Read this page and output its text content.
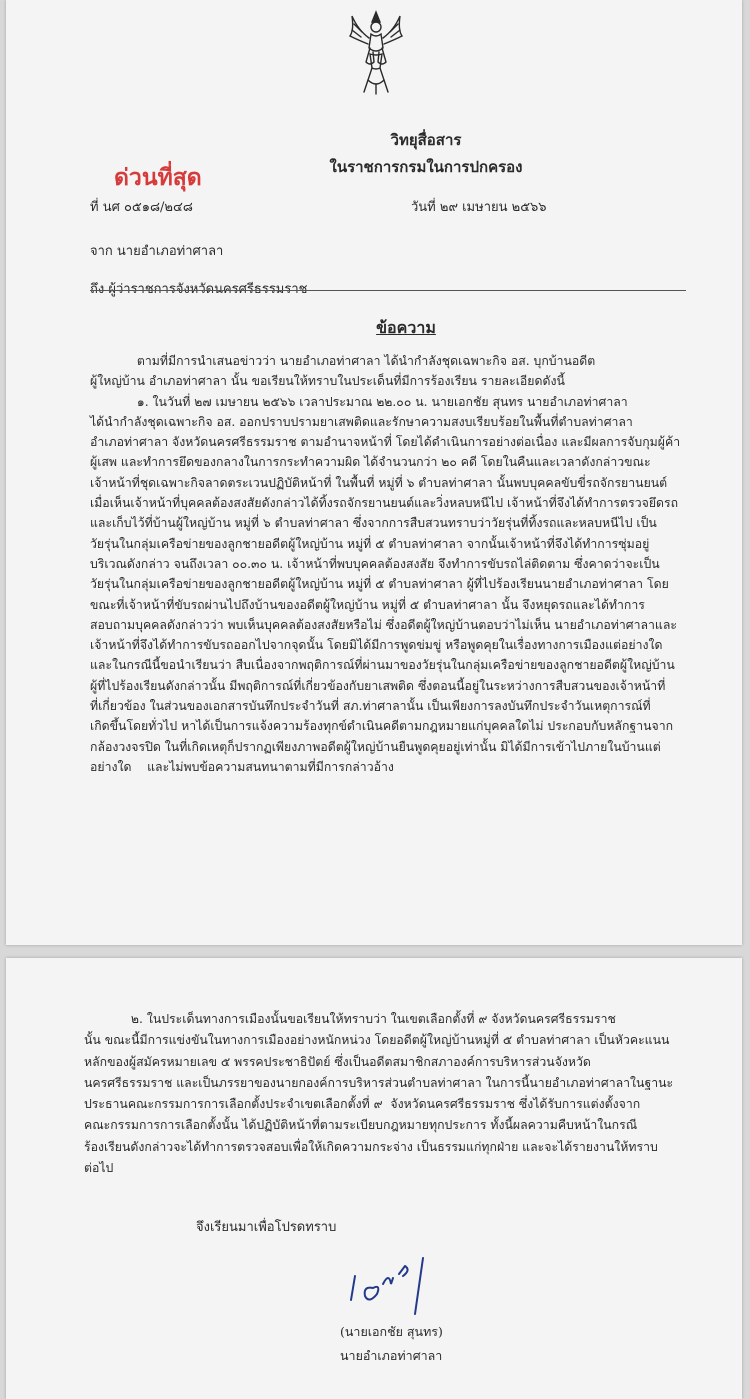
วิทยุสื่อสาร
ในราชการกรมในการปกครอง
ด่วนที่สุด
ที่ นศ ๐๕๑๘/๒๔๘	วันที่ ๒๙ เมษายน ๒๕๖๖
จาก นายอำเภอท่าศาลา
ถึง ผู้ว่าราชการจังหวัดนครศรีธรรมราช
ข้อความ
ตามที่มีการนำเสนอข่าวว่า นายอำเภอท่าศาลา ได้นำกำลังชุดเฉพาะกิจ อส. บุกบ้านอดีต
ผู้ใหญ่บ้าน อำเภอท่าศาลา นั้น ขอเรียนให้ทราบในประเด็นที่มีการร้องเรียน รายละเอียดดังนี้
๑. ในวันที่ ๒๗ เมษายน ๒๕๖๖ เวลาประมาณ ๒๒.๐๐ น. นายเอกชัย สุนทร นายอำเภอท่าศาลา
ได้นำกำลังชุดเฉพาะกิจ อส. ออกปราบปรามยาเสพติดและรักษาความสงบเรียบร้อยในพื้นที่ตำบลท่าศาลา
อำเภอท่าศาลา จังหวัดนครศรีธรรมราช ตามอำนาจหน้าที่ โดยได้ดำเนินการอย่างต่อเนื่อง และมีผลการจับกุมผู้ค้า
ผู้เสพ และทำการยึดของกลางในการกระทำความผิด ได้จำนวนกว่า ๒๐ คดี โดยในคืนและเวลาดังกล่าวขณะ
เจ้าหน้าที่ชุดเฉพาะกิจลาดตระเวนปฏิบัติหน้าที่ ในพื้นที่ หมู่ที่ ๖ ตำบลท่าศาลา นั้นพบบุคคลขับขี่รถจักรยานยนต์
เมื่อเห็นเจ้าหน้าที่บุคคลต้องสงสัยดังกล่าวได้ทิ้งรถจักรยานยนต์และวิ่งหลบหนีไป เจ้าหน้าที่จึงได้ทำการตรวจยึดรถ
และเก็บไว้ที่บ้านผู้ใหญ่บ้าน หมู่ที่ ๖ ตำบลท่าศาลา ซึ่งจากการสืบสวนทราบว่าวัยรุ่นที่ทิ้งรถและหลบหนีไป เป็น
วัยรุ่นในกลุ่มเครือข่ายของลูกชายอดีตผู้ใหญ่บ้าน หมู่ที่ ๕ ตำบลท่าศาลา จากนั้นเจ้าหน้าที่จึงได้ทำการซุ่มอยู่
บริเวณดังกล่าว จนถึงเวลา ๐๐.๓๐ น. เจ้าหน้าที่พบบุคคลต้องสงสัย จึงทำการขับรถไล่ติดตาม ซึ่งคาดว่าจะเป็น
วัยรุ่นในกลุ่มเครือข่ายของลูกชายอดีตผู้ใหญ่บ้าน หมู่ที่ ๕ ตำบลท่าศาลา ผู้ที่ไปร้องเรียนนายอำเภอท่าศาลา โดย
ขณะที่เจ้าหน้าที่ขับรถผ่านไปถึงบ้านของอดีตผู้ใหญ่บ้าน หมู่ที่ ๕ ตำบลท่าศาลา นั้น จึงหยุดรถและได้ทำการ
สอบถามบุคคลดังกล่าวว่า พบเห็นบุคคลต้องสงสัยหรือไม่ ซึ่งอดีตผู้ใหญ่บ้านตอบว่าไม่เห็น นายอำเภอท่าศาลาและ
เจ้าหน้าที่จึงได้ทำการขับรถออกไปจากจุดนั้น โดยมิได้มีการพูดข่มขู่ หรือพูดคุยในเรื่องทางการเมืองแต่อย่างใด
และในกรณีนี้ขอนำเรียนว่า สืบเนื่องจากพฤติการณ์ที่ผ่านมาของวัยรุ่นในกลุ่มเครือข่ายของลูกชายอดีตผู้ใหญ่บ้าน
ผู้ที่ไปร้องเรียนดังกล่าวนั้น มีพฤติการณ์ที่เกี่ยวข้องกับยาเสพติด ซึ่งตอนนี้อยู่ในระหว่างการสืบสวนของเจ้าหน้าที่
ที่เกี่ยวข้อง ในส่วนของเอกสารบันทึกประจำวันที่ สภ.ท่าศาลานั้น เป็นเพียงการลงบันทึกประจำวันเหตุการณ์ที่
เกิดขึ้นโดยทั่วไป หาได้เป็นการแจ้งความร้องทุกข์ดำเนินคดีตามกฎหมายแก่บุคคลใดไม่ ประกอบกับหลักฐานจาก
กล้องวงจรปิด ในที่เกิดเหตุก็ปรากฏเพียงภาพอดีตผู้ใหญ่บ้านยืนพูดคุยอยู่เท่านั้น มิได้มีการเข้าไปภายในบ้านแต่
อย่างใด    และไม่พบข้อความสนทนาตามที่มีการกล่าวอ้าง
๒. ในประเด็นทางการเมืองนั้นขอเรียนให้ทราบว่า ในเขตเลือกตั้งที่ ๙ จังหวัดนครศรีธรรมราช
นั้น ขณะนี้มีการแข่งขันในทางการเมืองอย่างหนักหน่วง โดยอดีตผู้ใหญ่บ้านหมู่ที่ ๕ ตำบลท่าศาลา เป็นหัวคะแนน
หลักของผู้สมัครหมายเลข ๕ พรรคประชาธิปัตย์ ซึ่งเป็นอดีตสมาชิกสภาองค์การบริหารส่วนจังหวัด
นครศรีธรรมราช และเป็นภรรยาของนายกองค์การบริหารส่วนตำบลท่าศาลา ในการนี้นายอำเภอท่าศาลาในฐานะ
ประธานคณะกรรมการการเลือกตั้งประจำเขตเลือกตั้งที่ ๙  จังหวัดนครศรีธรรมราช ซึ่งได้รับการแต่งตั้งจาก
คณะกรรมการการเลือกตั้งนั้น ได้ปฏิบัติหน้าที่ตามระเบียบกฎหมายทุกประการ ทั้งนี้ผลความคืบหน้าในกรณี
ร้องเรียนดังกล่าวจะได้ทำการตรวจสอบเพื่อให้เกิดความกระจ่าง เป็นธรรมแก่ทุกฝ่าย และจะได้รายงานให้ทราบ
ต่อไป
จึงเรียนมาเพื่อโปรดทราบ
(นายเอกชัย สุนทร)
นายอำเภอท่าศาลา
